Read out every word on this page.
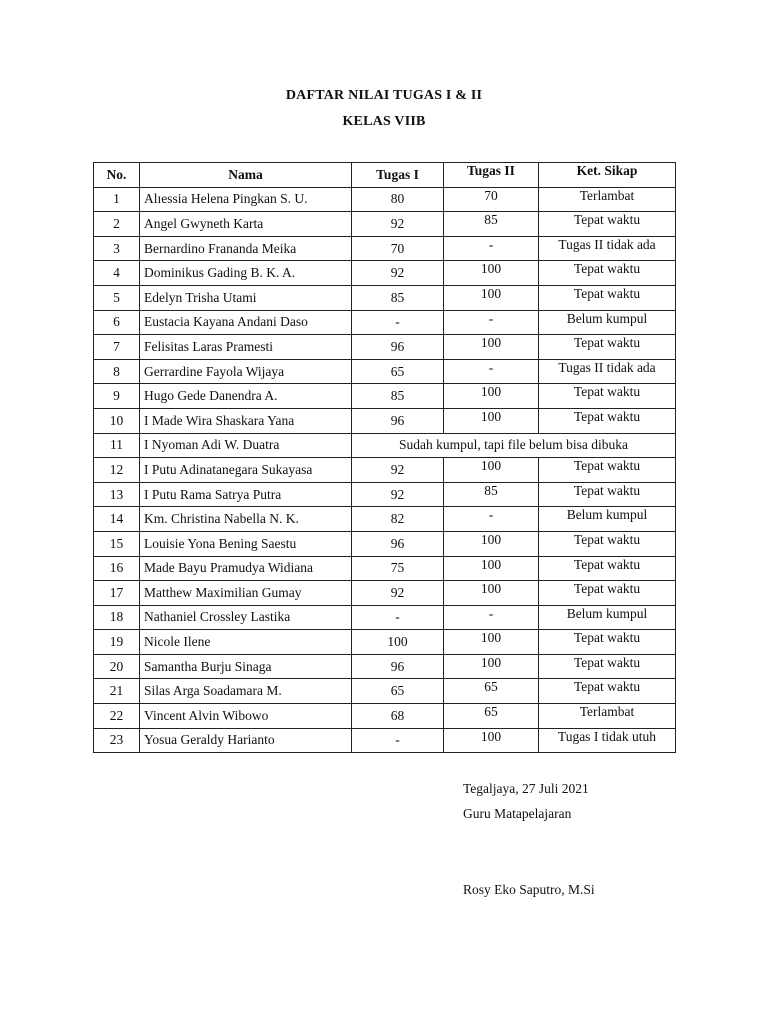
DAFTAR NILAI TUGAS I & II
KELAS VIIB
No.	Nama	Tugas I	Tugas II	Ket. Sikap
1	Alıessia Helena Pingkan S. U.	80	70	Terlambat
2	Angel Gwyneth Karta	92	85	Tepat waktu
3	Bernardino Frananda Meika	70	-	Tugas II tidak ada
4	Dominikus Gading B. K. A.	92	100	Tepat waktu
5	Edelyn Trisha Utami	85	100	Tepat waktu
6	Eustacia Kayana Andani Daso	-	-	Belum kumpul
7	Felisitas Laras Pramesti	96	100	Tepat waktu
8	Gerrardine Fayola Wijaya	65	-	Tugas II tidak ada
9	Hugo Gede Danendra A.	85	100	Tepat waktu
10	I Made Wira Shaskara Yana	96	100	Tepat waktu
11	I Nyoman Adi W. Duatra	Sudah kumpul, tapi file belum bisa dibuka		
12	I Putu Adinatanegara Sukayasa	92	100	Tepat waktu
13	I Putu Rama Satrya Putra	92	85	Tepat waktu
14	Km. Christina Nabella N. K.	82	-	Belum kumpul
15	Louisie Yona Bening Saestu	96	100	Tepat waktu
16	Made Bayu Pramudya Widiana	75	100	Tepat waktu
17	Matthew Maximilian Gumay	92	100	Tepat waktu
18	Nathaniel Crossley Lastika	-	-	Belum kumpul
19	Nicole Ilene	100	100	Tepat waktu
20	Samantha Burju Sinaga	96	100	Tepat waktu
21	Silas Arga Soadamara M.	65	65	Tepat waktu
22	Vincent Alvin Wibowo	68	65	Terlambat
23	Yosua Geraldy Harianto	-	100	Tugas I tidak utuh
Tegaljaya, 27 Juli 2021
Guru Matapelajaran
Rosy Eko Saputro, M.Si
